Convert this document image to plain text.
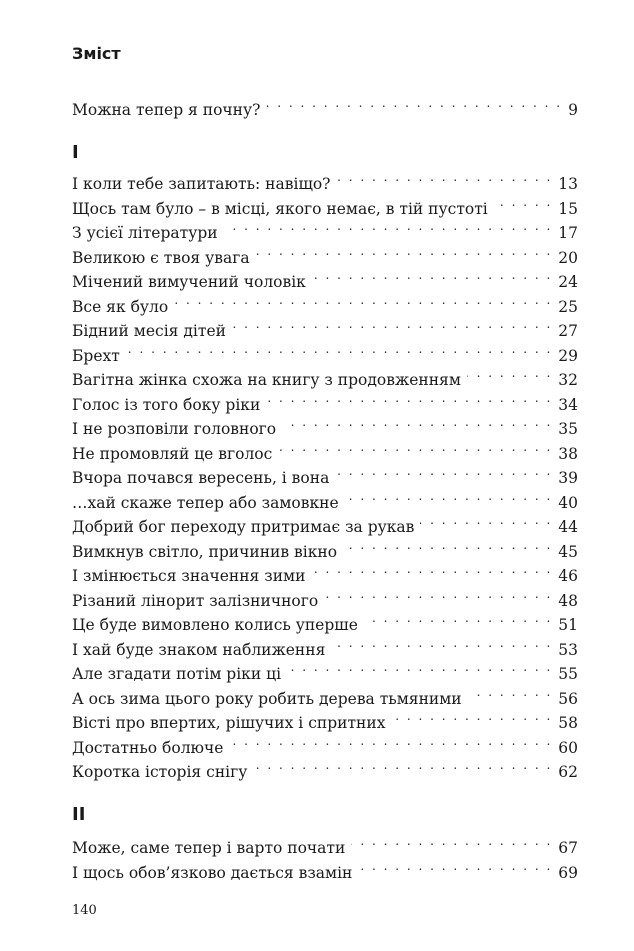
Зміст
Можна тепер я почну? . . .	9
I
І коли тебе запитають: навіщо? . . .	13
Щось там було – в місці, якого немає, в тій пустоті . . .	15
З усієї літератури . . .	17
Великою є твоя увага . . .	20
Мічений вимучений чоловік . . .	24
Все як було . . .	25
Бідний месія дітей . . .	27
Брехт . . .	29
Вагітна жінка схожа на книгу з продовженням . . .	32
Голос із того боку ріки . . .	34
І не розповіли головного . . .	35
Не промовляй це вголос . . .	38
Вчора почався вересень, і вона . . .	39
…хай скаже тепер або замовкне . . .	40
Добрий бог переходу притримає за рукав . . .	44
Вимкнув світло, причинив вікно . . .	45
І змінюється значення зими . . .	46
Різаний лінорит залізничного . . .	48
Це буде вимовлено колись уперше . . .	51
І хай буде знаком наближення . . .	53
Але згадати потім ріки ці . . .	55
А ось зима цього року робить дерева тьмяними . . .	56
Вісті про впертих, рішучих і спритних . . .	58
Достатньо болюче . . .	60
Коротка історія снігу . . .	62
II
Може, саме тепер і варто почати . . .	67
І щось обов’язково дається взамін . . .	69
140
